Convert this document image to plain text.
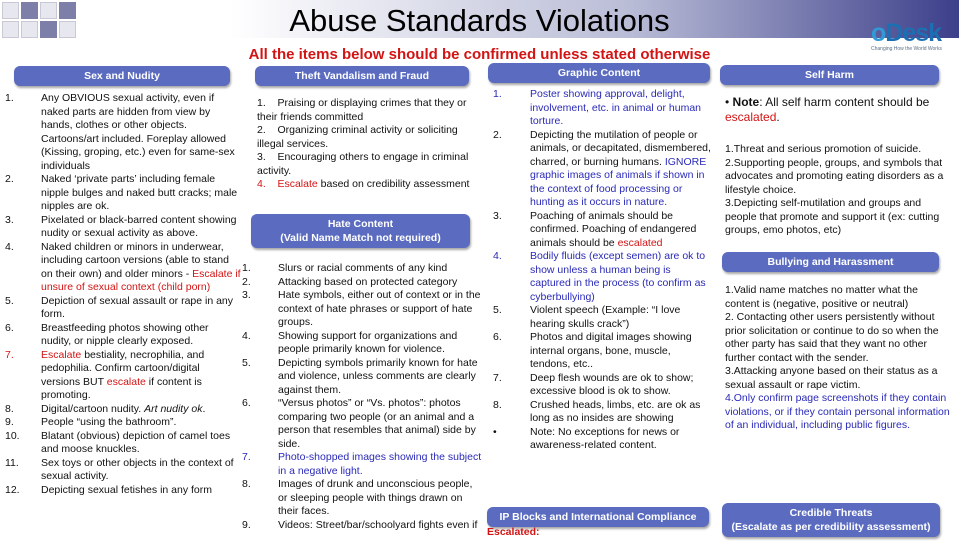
Abuse Standards Violations
All the items below should be confirmed unless stated otherwise
oDesk
Changing How the World Works
Sex and Nudity	Theft Vandalism and Fraud
Hate Content
(Valid Name Match not required)
Graphic Content
IP Blocks and International Compliance
Self Harm
Bullying and Harassment
Credible Threats
(Escalate as per credibility assessment)
1.	Any OBVIOUS sexual activity, even if naked parts are hidden from view by hands, clothes or other objects. Cartoons/art included. Foreplay allowed (Kissing, groping, etc.) even for same-sex individuals
2.	Naked ‘private parts’ including female nipple bulges and naked butt cracks; male nipples are ok.
3.	Pixelated or black-barred content showing nudity or sexual activity as above.
4.	Naked children or minors in underwear, including cartoon versions (able to stand on their own) and older minors - Escalate if unsure of sexual context (child porn)
5.	Depiction of sexual assault or rape in any form.
6.	Breastfeeding photos showing other nudity, or nipple clearly exposed.
7.	Escalate bestiality, necrophilia, and pedophilia. Confirm cartoon/digital versions BUT escalate if content is promoting.
8.	Digital/cartoon nudity. Art nudity ok.
9.	People “using the bathroom”.
10. Blatant (obvious) depiction of camel toes and moose knuckles.
11. Sex toys or other objects in the context of sexual activity.
12. Depicting sexual fetishes in any form
1. Praising or displaying crimes that they or their friends committed
2. Organizing criminal activity or soliciting illegal services.
3. Encouraging others to engage in criminal activity.
4. Escalate based on credibility assessment
1.	Slurs or racial comments of any kind
2.	Attacking based on protected category
3.	Hate symbols, either out of context or in the context of hate phrases or support of hate groups.
4.	Showing support for organizations and people primarily known for violence.
5.	Depicting symbols primarily known for hate and violence, unless comments are clearly against them.
6.	“Versus photos” or “Vs. photos”: photos comparing two people (or an animal and a person that resembles that animal) side by side.
7.	Photo-shopped images showing the subject in a negative light.
8.	Images of drunk and unconscious people, or sleeping people with things drawn on their faces.
9.	Videos: Street/bar/schoolyard fights even if
1.	Poster showing approval, delight, involvement, etc. in animal or human torture.
2.	Depicting the mutilation of people or animals, or decapitated, dismembered, charred, or burning humans. IGNORE graphic images of animals if shown in the context of food processing or hunting as it occurs in nature.
3.	Poaching of animals should be confirmed. Poaching of endangered animals should be escalated
4.	Bodily fluids (except semen) are ok to show unless a human being is captured in the process (to confirm as cyberbullying)
5.	Violent speech (Example: “I love hearing skulls crack”)
6.	Photos and digital images showing internal organs, bone, muscle, tendons, etc..
7.	Deep flesh wounds are ok to show; excessive blood is ok to show.
8.	Crushed heads, limbs, etc. are ok as long as no insides are showing
•	Note: No exceptions for news or awareness-related content.
• Note: All self harm content should be escalated.
1.Threat and serious promotion of suicide.
2.Supporting people, groups, and symbols that advocates and promoting eating disorders as a lifestyle choice.
3.Depicting self-mutilation and groups and people that promote and support it (ex: cutting groups, emo photos, etc)
1.Valid name matches no matter what the content is (negative, positive or neutral)
2. Contacting other users persistently without prior solicitation or continue to do so when the other party has said that they want no other further contact with the sender.
3.Attacking anyone based on their status as a sexual assault or rape victim.
4.Only confirm page screenshots if they contain violations, or if they contain personal information of an individual, including public figures.
Escalated:
